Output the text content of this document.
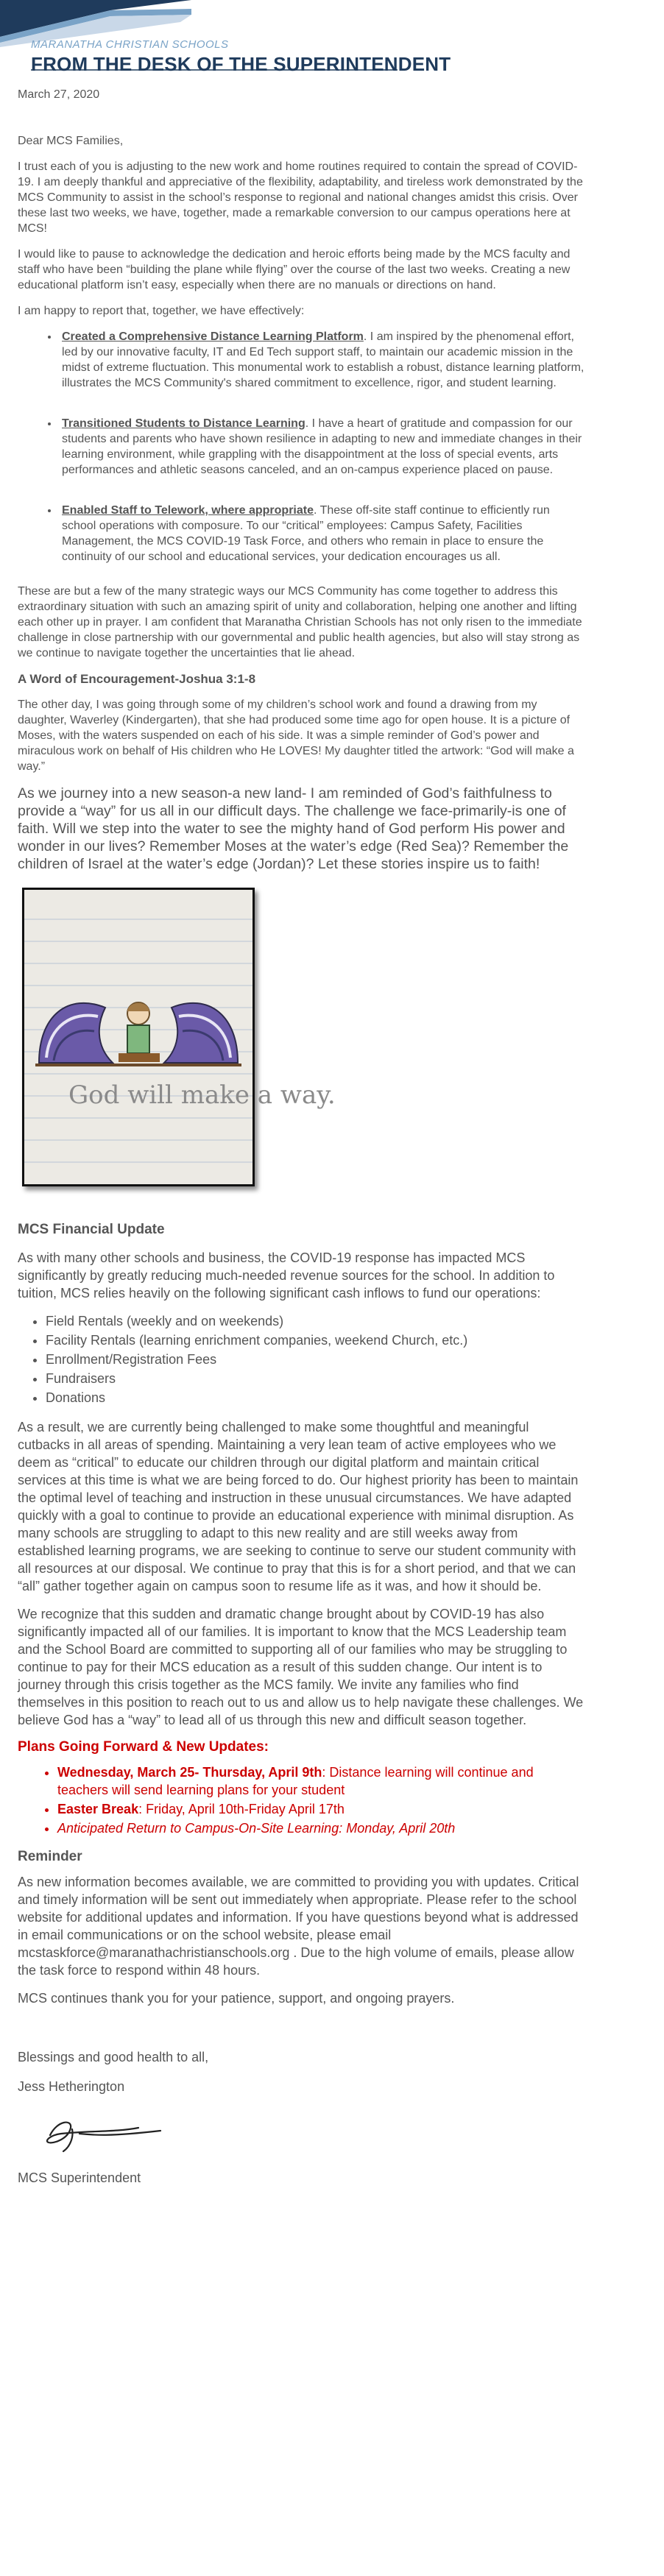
MARANATHA CHRISTIAN SCHOOLS
FROM THE DESK OF THE SUPERINTENDENT
March 27, 2020

Dear MCS Families,

I trust each of you is adjusting to the new work and home routines required to contain the spread of COVID-19. I am deeply thankful and appreciative of the flexibility, adaptability, and tireless work demonstrated by the MCS Community to assist in the school’s response to regional and national changes amidst this crisis. Over these last two weeks, we have, together, made a remarkable conversion to our campus operations here at MCS!

I would like to pause to acknowledge the dedication and heroic efforts being made by the MCS faculty and staff who have been “building the plane while flying” over the course of the last two weeks. Creating a new educational platform isn’t easy, especially when there are no manuals or directions on hand.

I am happy to report that, together, we have effectively:

• Created a Comprehensive Distance Learning Platform. I am inspired by the phenomenal effort, led by our innovative faculty, IT and Ed Tech support staff, to maintain our academic mission in the midst of extreme fluctuation. This monumental work to establish a robust, distance learning platform, illustrates the MCS Community's shared commitment to excellence, rigor, and student learning.
• Transitioned Students to Distance Learning. I have a heart of gratitude and compassion for our students and parents who have shown resilience in adapting to new and immediate changes in their learning environment, while grappling with the disappointment at the loss of special events, arts performances and athletic seasons canceled, and an on-campus experience placed on pause.
• Enabled Staff to Telework, where appropriate. These off-site staff continue to efficiently run school operations with composure. To our “critical” employees: Campus Safety, Facilities Management, the MCS COVID-19 Task Force, and others who remain in place to ensure the continuity of our school and educational services, your dedication encourages us all.

These are but a few of the many strategic ways our MCS Community has come together to address this extraordinary situation with such an amazing spirit of unity and collaboration, helping one another and lifting each other up in prayer. I am confident that Maranatha Christian Schools has not only risen to the immediate challenge in close partnership with our governmental and public health agencies, but also will stay strong as we continue to navigate together the uncertainties that lie ahead.

A Word of Encouragement-Joshua 3:1-8

The other day, I was going through some of my children’s school work and found a drawing from my daughter, Waverley (Kindergarten), that she had produced some time ago for open house. It is a picture of Moses, with the waters suspended on each of his side. It was a simple reminder of God’s power and miraculous work on behalf of His children who He LOVES! My daughter titled the artwork: “God will make a way.”

As we journey into a new season-a new land- I am reminded of God’s faithfulness to provide a “way” for us all in our difficult days. The challenge we face-primarily-is one of faith. Will we step into the water to see the mighty hand of God perform His power and wonder in our lives? Remember Moses at the water’s edge (Red Sea)? Remember the children of Israel at the water’s edge (Jordan)? Let these stories inspire us to faith!

God will make a way.
MCS Financial Update

As with many other schools and business, the COVID-19 response has impacted MCS significantly by greatly reducing much-needed revenue sources for the school. In addition to tuition, MCS relies heavily on the following significant cash inflows to fund our operations:

• Field Rentals (weekly and on weekends)
• Facility Rentals (learning enrichment companies, weekend Church, etc.)
• Enrollment/Registration Fees
• Fundraisers
• Donations

As a result, we are currently being challenged to make some thoughtful and meaningful cutbacks in all areas of spending. Maintaining a very lean team of active employees who we deem as “critical” to educate our children through our digital platform and maintain critical services at this time is what we are being forced to do. Our highest priority has been to maintain the optimal level of teaching and instruction in these unusual circumstances. We have adapted quickly with a goal to continue to provide an educational experience with minimal disruption. As many schools are struggling to adapt to this new reality and are still weeks away from established learning programs, we are seeking to continue to serve our student community with all resources at our disposal. We continue to pray that this is for a short period, and that we can “all” gather together again on campus soon to resume life as it was, and how it should be.

We recognize that this sudden and dramatic change brought about by COVID-19 has also significantly impacted all of our families. It is important to know that the MCS Leadership team and the School Board are committed to supporting all of our families who may be struggling to continue to pay for their MCS education as a result of this sudden change. Our intent is to journey through this crisis together as the MCS family. We invite any families who find themselves in this position to reach out to us and allow us to help navigate these challenges. We believe God has a “way” to lead all of us through this new and difficult season together.

Plans Going Forward & New Updates:
• Wednesday, March 25- Thursday, April 9th: Distance learning will continue and teachers will send learning plans for your student
• Easter Break: Friday, April 10th-Friday April 17th
• Anticipated Return to Campus-On-Site Learning: Monday, April 20th
Reminder

As new information becomes available, we are committed to providing you with updates. Critical and timely information will be sent out immediately when appropriate. Please refer to the school website for additional updates and information. If you have questions beyond what is addressed in email communications or on the school website, please email mcstaskforce@maranathachristianschools.org . Due to the high volume of emails, please allow the task force to respond within 48 hours.

MCS continues thank you for your patience, support, and ongoing prayers.

Blessings and good health to all,
Jess Hetherington
MCS Superintendent
